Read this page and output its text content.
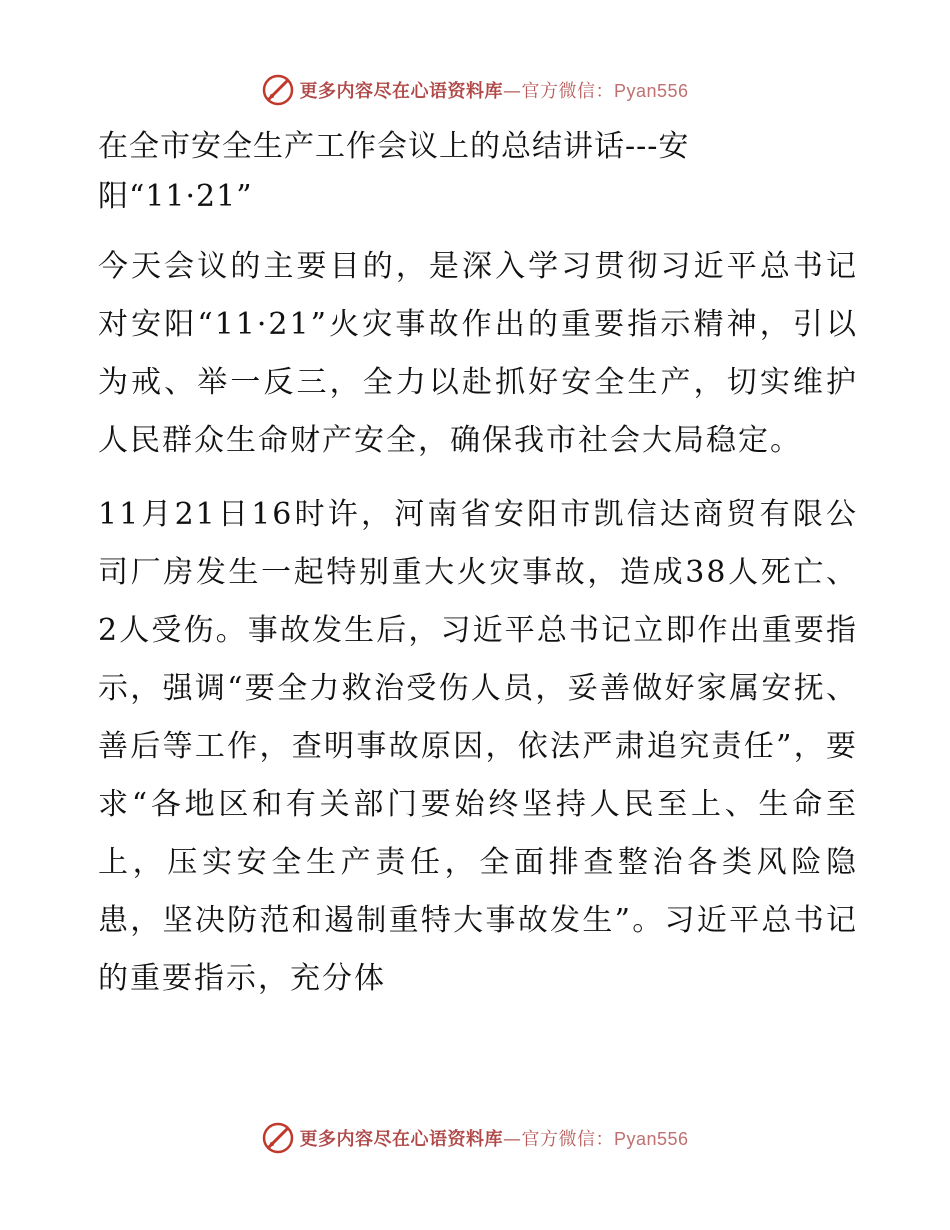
更多内容尽在心语资料库—官方微信：Pyan556
在全市安全生产工作会议上的总结讲话---安阳“11·21”
今天会议的主要目的，是深入学习贯彻习近平总书记对安阳“11·21”火灾事故作出的重要指示精神，引以为戒、举一反三，全力以赴抓好安全生产，切实维护人民群众生命财产安全，确保我市社会大局稳定。
11月21日16时许，河南省安阳市凯信达商贸有限公司厂房发生一起特别重大火灾事故，造成38人死亡、2人受伤。事故发生后，习近平总书记立即作出重要指示，强调“要全力救治受伤人员，妥善做好家属安抚、善后等工作，查明事故原因，依法严肃追究责任”，要求“各地区和有关部门要始终坚持人民至上、生命至上，压实安全生产责任，全面排查整治各类风险隐患，坚决防范和遏制重特大事故发生”。习近平总书记的重要指示，充分体
更多内容尽在心语资料库—官方微信：Pyan556
